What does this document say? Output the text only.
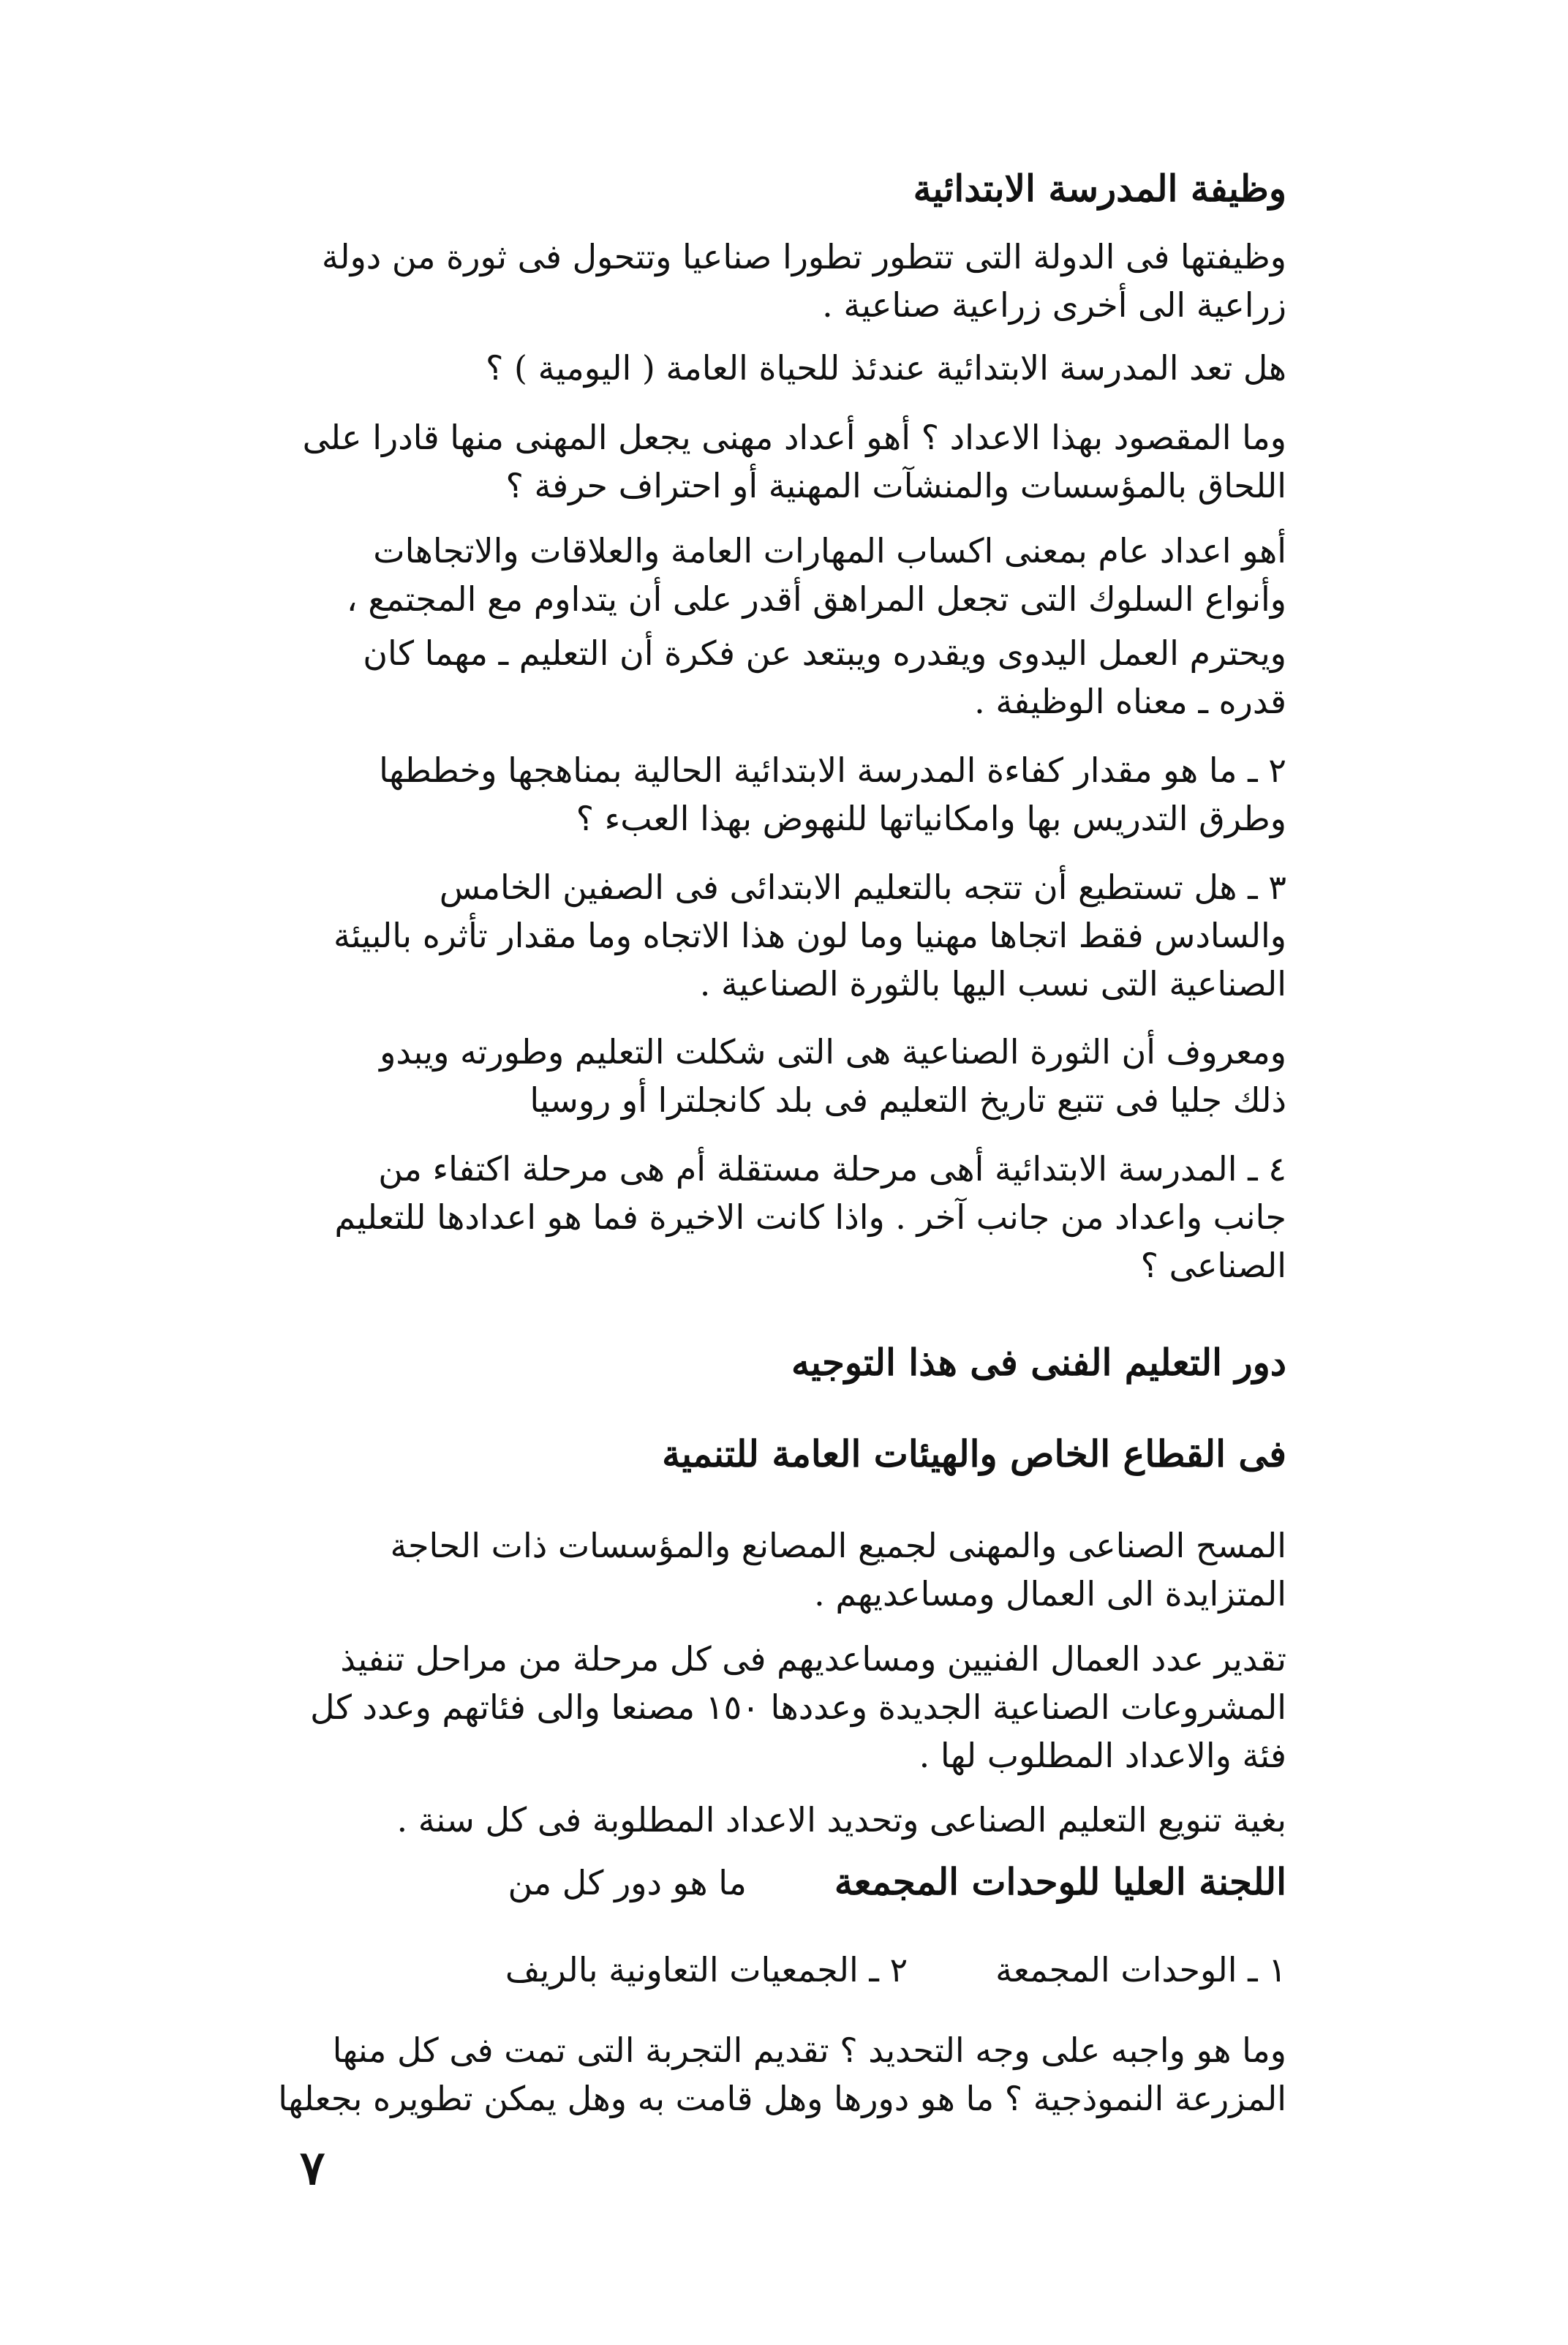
وظيفة المدرسة الابتدائية

وظيفتها فى الدولة التى تتطور تطورا صناعيا وتتحول فى ثورة من دولة
زراعية الى أخرى زراعية صناعية .

هل تعد المدرسة الابتدائية عندئذ للحياة العامة ( اليومية ) ؟

وما المقصود بهذا الاعداد ؟ أهو أعداد مهنى يجعل المهنى منها قادرا على
اللحاق بالمؤسسات والمنشآت المهنية أو احتراف حرفة ؟

أهو اعداد عام بمعنى اكساب المهارات العامة والعلاقات والاتجاهات
وأنواع السلوك التى تجعل المراهق أقدر على أن يتداوم مع المجتمع ،

ويحترم العمل اليدوى ويقدره ويبتعد عن فكرة أن التعليم ـ مهما كان
قدره ـ معناه الوظيفة .

٢ ـ ما هو مقدار كفاءة المدرسة الابتدائية الحالية بمناهجها وخططها
وطرق التدريس بها وامكانياتها للنهوض بهذا العبء ؟

٣ ـ هل تستطيع أن تتجه بالتعليم الابتدائى فى الصفين الخامس
والسادس فقط اتجاها مهنيا وما لون هذا الاتجاه وما مقدار تأثره بالبيئة
الصناعية التى نسب اليها بالثورة الصناعية .

ومعروف أن الثورة الصناعية هى التى شكلت التعليم وطورته ويبدو
ذلك جليا فى تتبع تاريخ التعليم فى بلد كانجلترا أو روسيا

٤ ـ المدرسة الابتدائية أهى مرحلة مستقلة أم هى مرحلة اكتفاء من
جانب واعداد من جانب آخر . واذا كانت الاخيرة فما هو اعدادها للتعليم
الصناعى ؟

دور التعليم الفنى فى هذا التوجيه
فى القطاع الخاص والهيئات العامة للتنمية

المسح الصناعى والمهنى لجميع المصانع والمؤسسات ذات الحاجة
المتزايدة الى العمال ومساعديهم .

تقدير عدد العمال الفنيين ومساعديهم فى كل مرحلة من مراحل تنفيذ
المشروعات الصناعية الجديدة وعددها ١٥٠ مصنعا والى فئاتهم وعدد كل
فئة والاعداد المطلوب لها .

بغية تنويع التعليم الصناعى وتحديد الاعداد المطلوبة فى كل سنة .

اللجنة العليا للوحدات المجمعةما هو دور كل من
١ ـ الوحدات المجمعة٢ ـ الجمعيات التعاونية بالريف

وما هو واجبه على وجه التحديد ؟ تقديم التجربة التى تمت فى كل منها
المزرعة النموذجية ؟ ما هو دورها وهل قامت به وهل يمكن تطويره بجعلها

٧
